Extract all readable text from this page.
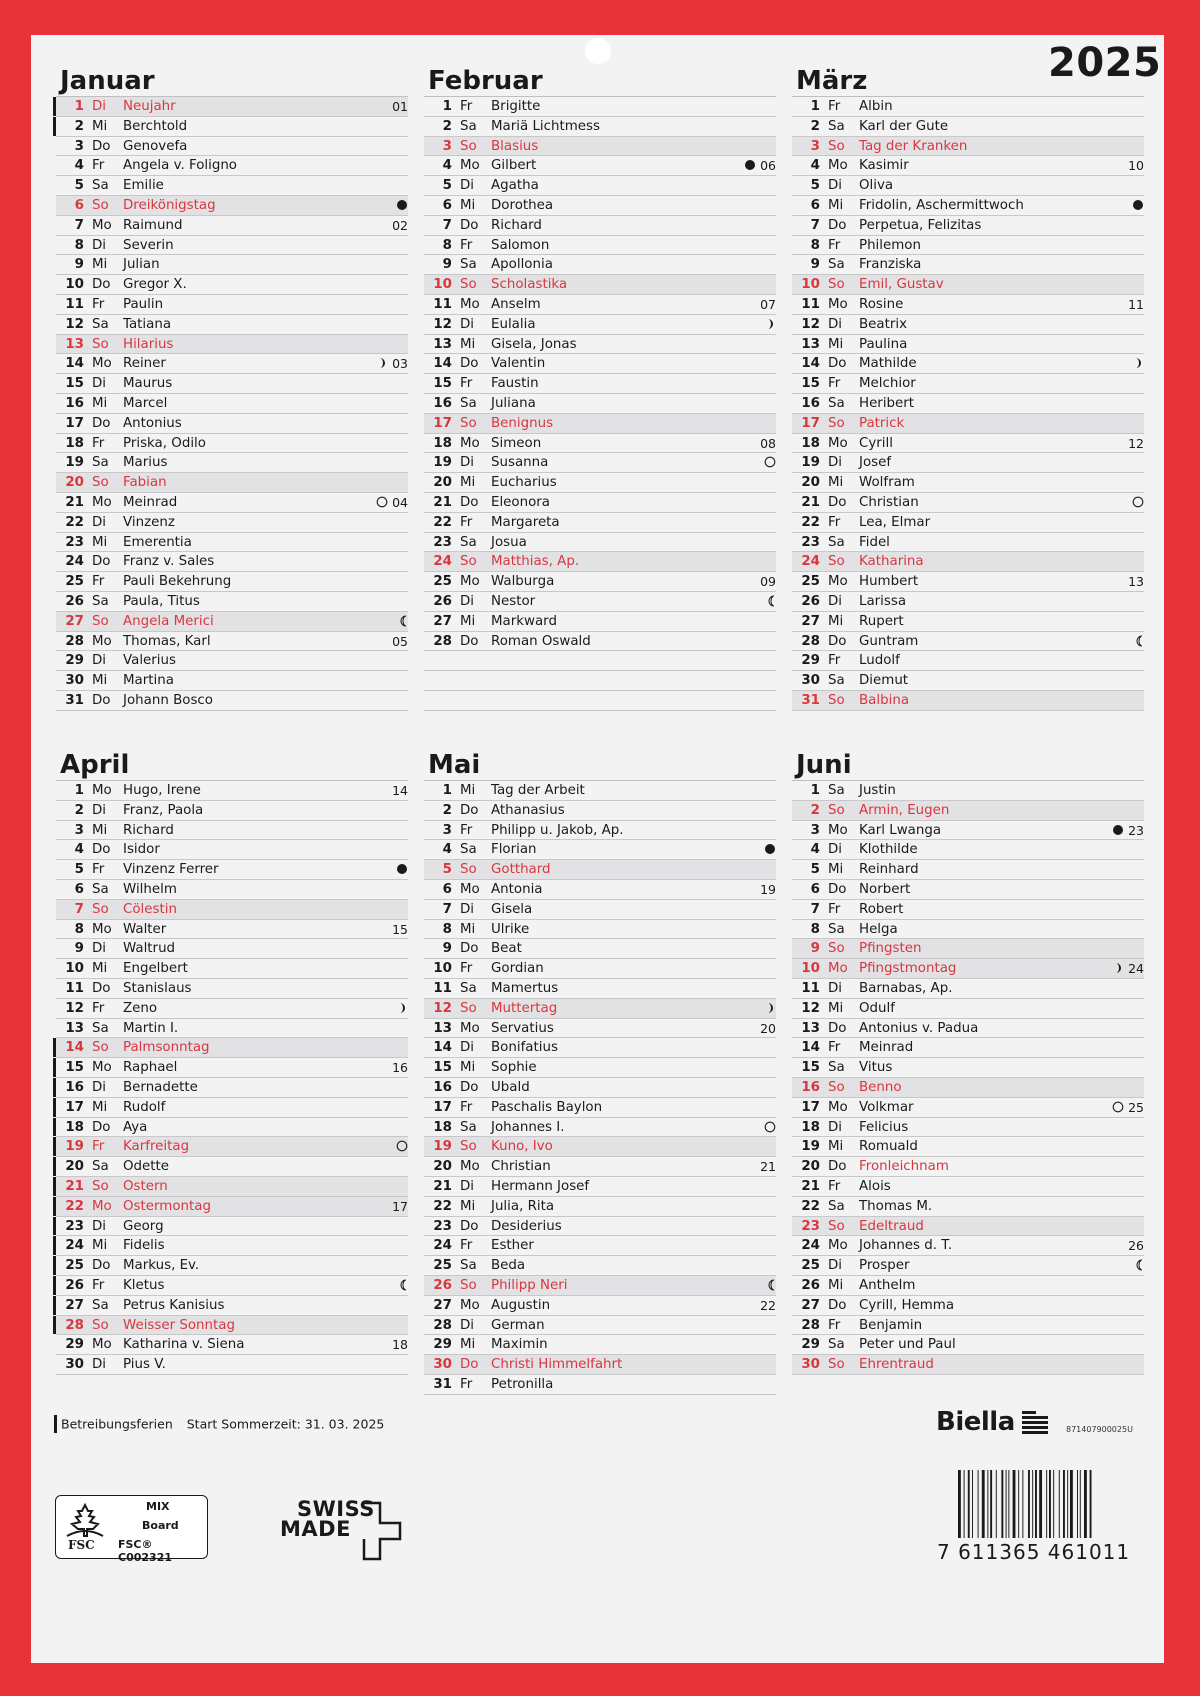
2025
Januar
1 Di Neujahr	01
2 Mi Berchtold
3 Do Genovefa
4 Fr Angela v. Foligno
5 Sa Emilie
6 So Dreikönigstag
7 Mo Raimund	02
8 Di Severin
9 Mi Julian
10 Do Gregor X.
11 Fr Paulin
12 Sa Tatiana
13 So Hilarius
14 Mo Reiner	03
15 Di Maurus
16 Mi Marcel
17 Do Antonius
18 Fr Priska, Odilo
19 Sa Marius
20 So Fabian
21 Mo Meinrad	04
22 Di Vinzenz
23 Mi Emerentia
24 Do Franz v. Sales
25 Fr Pauli Bekehrung
26 Sa Paula, Titus
27 So Angela Merici
28 Mo Thomas, Karl	05
29 Di Valerius
30 Mi Martina
31 Do Johann Bosco
Februar
1 Fr Brigitte
2 Sa Mariä Lichtmess
3 So Blasius
4 Mo Gilbert	06
5 Di Agatha
6 Mi Dorothea
7 Do Richard
8 Fr Salomon
9 Sa Apollonia
10 So Scholastika
11 Mo Anselm	07
12 Di Eulalia
13 Mi Gisela, Jonas
14 Do Valentin
15 Fr Faustin
16 Sa Juliana
17 So Benignus
18 Mo Simeon	08
19 Di Susanna
20 Mi Eucharius
21 Do Eleonora
22 Fr Margareta
23 Sa Josua
24 So Matthias, Ap.
25 Mo Walburga	09
26 Di Nestor
27 Mi Markward
28 Do Roman Oswald
März
1 Fr Albin
2 Sa Karl der Gute
3 So Tag der Kranken
4 Mo Kasimir	10
5 Di Oliva
6 Mi Fridolin, Aschermittwoch
7 Do Perpetua, Felizitas
8 Fr Philemon
9 Sa Franziska
10 So Emil, Gustav
11 Mo Rosine	11
12 Di Beatrix
13 Mi Paulina
14 Do Mathilde
15 Fr Melchior
16 Sa Heribert
17 So Patrick
18 Mo Cyrill	12
19 Di Josef
20 Mi Wolfram
21 Do Christian
22 Fr Lea, Elmar
23 Sa Fidel
24 So Katharina
25 Mo Humbert	13
26 Di Larissa
27 Mi Rupert
28 Do Guntram
29 Fr Ludolf
30 Sa Diemut
31 So Balbina
April
1 Mo Hugo, Irene	14
2 Di Franz, Paola
3 Mi Richard
4 Do Isidor
5 Fr Vinzenz Ferrer
6 Sa Wilhelm
7 So Cölestin
8 Mo Walter	15
9 Di Waltrud
10 Mi Engelbert
11 Do Stanislaus
12 Fr Zeno
13 Sa Martin I.
14 So Palmsonntag
15 Mo Raphael	16
16 Di Bernadette
17 Mi Rudolf
18 Do Aya
19 Fr Karfreitag
20 Sa Odette
21 So Ostern
22 Mo Ostermontag	17
23 Di Georg
24 Mi Fidelis
25 Do Markus, Ev.
26 Fr Kletus
27 Sa Petrus Kanisius
28 So Weisser Sonntag
29 Mo Katharina v. Siena	18
30 Di Pius V.
Mai
1 Mi Tag der Arbeit
2 Do Athanasius
3 Fr Philipp u. Jakob, Ap.
4 Sa Florian
5 So Gotthard
6 Mo Antonia	19
7 Di Gisela
8 Mi Ulrike
9 Do Beat
10 Fr Gordian
11 Sa Mamertus
12 So Muttertag
13 Mo Servatius	20
14 Di Bonifatius
15 Mi Sophie
16 Do Ubald
17 Fr Paschalis Baylon
18 Sa Johannes I.
19 So Kuno, Ivo
20 Mo Christian	21
21 Di Hermann Josef
22 Mi Julia, Rita
23 Do Desiderius
24 Fr Esther
25 Sa Beda
26 So Philipp Neri
27 Mo Augustin	22
28 Di German
29 Mi Maximin
30 Do Christi Himmelfahrt
31 Fr Petronilla
Juni
1 Sa Justin
2 So Armin, Eugen
3 Mo Karl Lwanga	23
4 Di Klothilde
5 Mi Reinhard
6 Do Norbert
7 Fr Robert
8 Sa Helga
9 So Pfingsten
10 Mo Pfingstmontag	24
11 Di Barnabas, Ap.
12 Mi Odulf
13 Do Antonius v. Padua
14 Fr Meinrad
15 Sa Vitus
16 So Benno
17 Mo Volkmar	25
18 Di Felicius
19 Mi Romuald
20 Do Fronleichnam
21 Fr Alois
22 Sa Thomas M.
23 So Edeltraud
24 Mo Johannes d. T.	26
25 Di Prosper
26 Mi Anthelm
27 Do Cyrill, Hemma
28 Fr Benjamin
29 Sa Peter und Paul
30 So Ehrentraud
Betreibungsferien Start Sommerzeit: 31. 03. 2025
FSC
MIX
Board
FSC® C002321
SWISS
MADE
Biella	871407900025U
7 611365 461011
